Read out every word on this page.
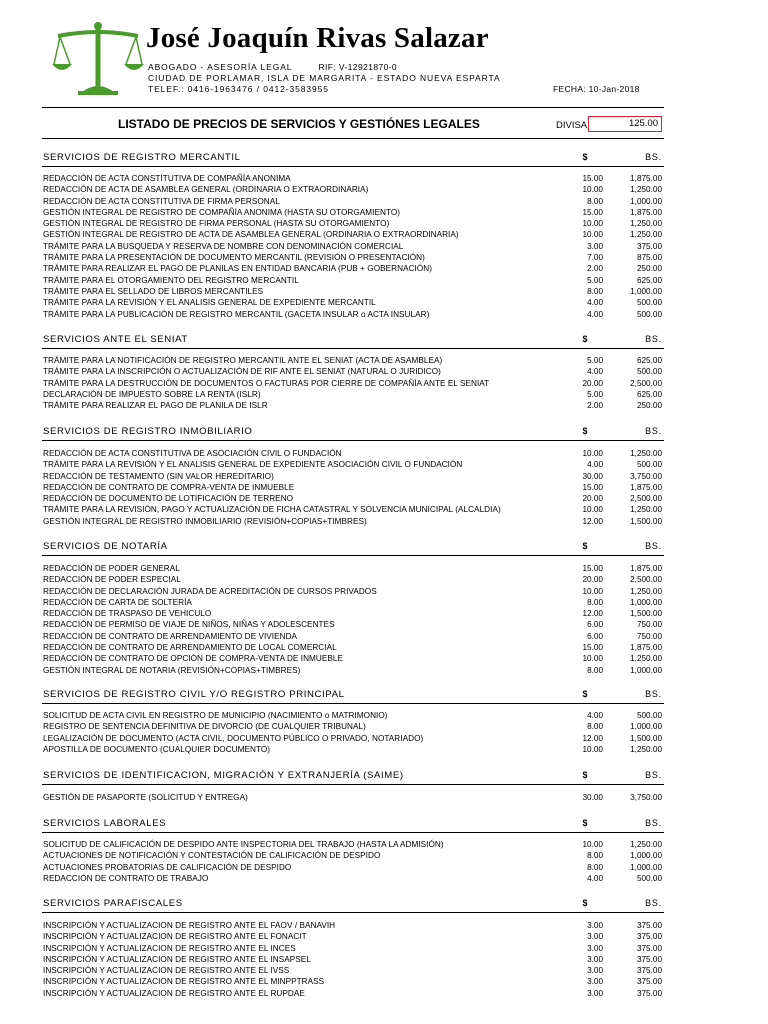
José Joaquín Rivas Salazar
ABOGADO - ASESORÍA LEGAL	RIF: V-12921870-0
CIUDAD DE PORLAMAR, ISLA DE MARGARITA - ESTADO NUEVA ESPARTA
TELEF.: 0416-1963476 / 0412-3583955	FECHA: 10-Jan-2018
LISTADO DE PRECIOS DE SERVICIOS Y GESTIÓNES LEGALES	DIVISA:	125.00
SERVICIOS DE REGISTRO MERCANTIL	$	BS.
REDACCIÓN DE ACTA CONSTITUTIVA DE COMPAÑÍA ANONIMA	15.00	1,875.00
REDACCIÓN DE ACTA DE ASAMBLEA GENERAL (ORDINARIA O EXTRAORDINARIA)	10.00	1,250.00
REDACCIÓN DE ACTA CONSTITUTIVA DE FIRMA PERSONAL	8.00	1,000.00
GESTIÓN INTEGRAL DE REGISTRO DE COMPAÑÍA ANONIMA (HASTA SU OTORGAMIENTO)	15.00	1,875.00
GESTIÓN INTEGRAL DE REGISTRO DE FIRMA PERSONAL (HASTA SU OTORGAMIENTO)	10.00	1,250.00
GESTIÓN INTEGRAL DE REGISTRO DE ACTA DE ASAMBLEA GENERAL (ORDINARIA O EXTRAORDINARIA)	10.00	1,250.00
TRÁMITE PARA LA BUSQUEDA Y RESERVA DE NOMBRE CON DENOMINACIÓN COMERCIAL	3.00	375.00
TRÁMITE PARA LA PRESENTACIÓN DE DOCUMENTO MERCANTIL (REVISIÓN O PRESENTACIÓN)	7.00	875.00
TRÁMITE PARA REALIZAR EL PAGO DE PLANILAS EN ENTIDAD BANCARIA (PUB + GOBERNACIÓN)	2.00	250.00
TRÁMITE PARA EL OTORGAMIENTO DEL REGISTRO MERCANTIL	5.00	625.00
TRÁMITE PARA EL SELLADO DE LIBROS MERCANTILES	8.00	1,000.00
TRÁMITE PARA LA REVISIÓN Y EL ANALISIS GENERAL DE EXPEDIENTE MERCANTIL	4.00	500.00
TRÁMITE PARA LA PUBLICACIÓN DE REGISTRO MERCANTIL (GACETA INSULAR o ACTA INSULAR)	4.00	500.00
SERVICIOS ANTE EL SENIAT	$	BS.
TRÁMITE PARA LA NOTIFICACIÓN DE REGISTRO MERCANTIL ANTE EL SENIAT (ACTA DE ASAMBLEA)	5.00	625.00
TRÁMITE PARA LA INSCRIPCIÓN O ACTUALIZACIÓN DE RIF ANTE EL SENIAT (NATURAL O JURIDICO)	4.00	500.00
TRÁMITE PARA LA DESTRUCCIÓN DE DOCUMENTOS O FACTURAS POR CIERRE DE COMPAÑÍA ANTE EL SENIAT	20.00	2,500.00
DECLARACIÓN DE IMPUESTO SOBRE LA RENTA (ISLR)	5.00	625.00
TRÁMITE PARA REALIZAR EL PAGO DE PLANILA DE ISLR	2.00	250.00
SERVICIOS DE REGISTRO INMOBILIARIO	$	BS.
REDACCIÓN DE ACTA CONSTITUTIVA DE ASOCIACIÓN CIVIL O FUNDACIÓN	10.00	1,250.00
TRÁMITE PARA LA REVISIÓN Y EL ANALISIS GENERAL DE EXPEDIENTE ASOCIACIÓN CIVIL O FUNDACIÓN	4.00	500.00
REDACCIÓN DE TESTAMENTO (SIN VALOR HEREDITARIO)	30.00	3,750.00
REDACCIÓN DE CONTRATO DE COMPRA-VENTA DE INMUEBLE	15.00	1,875.00
REDACCIÓN DE DOCUMENTO DE LOTIFICACIÓN DE TERRENO	20.00	2,500.00
TRÁMITE PARA LA REVISIÓN, PAGO Y ACTUALIZACIÓN DE FICHA CATASTRAL Y SOLVENCIA MUNICIPAL (ALCALDIA)	10.00	1,250.00
GESTIÓN INTEGRAL DE REGISTRO INMOBILIARIO (REVISIÓN+COPIAS+TIMBRES)	12.00	1,500.00
SERVICIOS DE NOTARÍA	$	BS.
REDACCIÓN DE PODER GENERAL	15.00	1,875.00
REDACCIÓN DE PODER ESPECIAL	20.00	2,500.00
REDACCIÓN DE DECLARACIÓN JURADA DE ACREDITACIÓN DE CURSOS PRIVADOS	10.00	1,250.00
REDACCIÓN DE CARTA DE SOLTERÍA	8.00	1,000.00
REDACCIÓN DE TRASPASO DE VEHICULO	12.00	1,500.00
REDACCIÓN DE PERMISO DE VIAJE DE NIÑOS, NIÑAS Y ADOLESCENTES	6.00	750.00
REDACCIÓN DE CONTRATO DE ARRENDAMIENTO DE VIVIENDA	6.00	750.00
REDACCIÓN DE CONTRATO DE ARRENDAMIENTO DE LOCAL COMERCIAL	15.00	1,875.00
REDACCIÓN DE CONTRATO DE OPCIÓN DE COMPRA-VENTA DE INMUEBLE	10.00	1,250.00
GESTIÓN INTEGRAL DE NOTARIA (REVISIÓN+COPIAS+TIMBRES)	8.00	1,000.00
SERVICIOS DE REGISTRO CIVIL Y/O REGISTRO PRINCIPAL	$	BS.
SOLICITUD DE ACTA CIVIL EN REGISTRO DE MUNICIPIO (NACIMIENTO o MATRIMONIO)	4.00	500.00
REGISTRO DE SENTENCIA DEFINITIVA DE DIVORCIO (DE CUALQUIER TRIBUNAL)	8.00	1,000.00
LEGALIZACIÓN DE DOCUMENTO (ACTA CIVIL, DOCUMENTO PÚBLICO O PRIVADO, NOTARIADO)	12.00	1,500.00
APOSTILLA DE DOCUMENTO (CUALQUIER DOCUMENTO)	10.00	1,250.00
SERVICIOS DE IDENTIFICACION, MIGRACIÓN Y EXTRANJERÍA (SAIME)	$	BS.
GESTIÓN DE PASAPORTE (SOLICITUD Y ENTREGA)	30.00	3,750.00
SERVICIOS LABORALES	$	BS.
SOLICITUD DE CALIFICACIÓN DE DESPIDO ANTE INSPECTORIA DEL TRABAJO (HASTA LA ADMISIÓN)	10.00	1,250.00
ACTUACIONES DE NOTIFICACIÓN Y CONTESTACIÓN DE CALIFICACIÓN DE DESPIDO	8.00	1,000.00
ACTUACIONES PROBATORIAS DE CALIFICACIÓN DE DESPIDO	8.00	1,000.00
REDACCIÓN DE CONTRATO DE TRABAJO	4.00	500.00
SERVICIOS PARAFISCALES	$	BS.
INSCRIPCIÓN Y ACTUALIZACION DE REGISTRO ANTE EL FAOV / BANAVIH	3.00	375.00
INSCRIPCIÓN Y ACTUALIZACION DE REGISTRO ANTE EL FONACIT	3.00	375.00
INSCRIPCIÓN Y ACTUALIZACION DE REGISTRO ANTE EL INCES	3.00	375.00
INSCRIPCIÓN Y ACTUALIZACION DE REGISTRO ANTE EL INSAPSEL	3.00	375.00
INSCRIPCIÓN Y ACTUALIZACION DE REGISTRO ANTE EL IVSS	3.00	375.00
INSCRIPCIÓN Y ACTUALIZACION DE REGISTRO ANTE EL MINPPTRASS	3.00	375.00
INSCRIPCIÓN Y ACTUALIZACION DE REGISTRO ANTE EL RUPDAE	3.00	375.00
